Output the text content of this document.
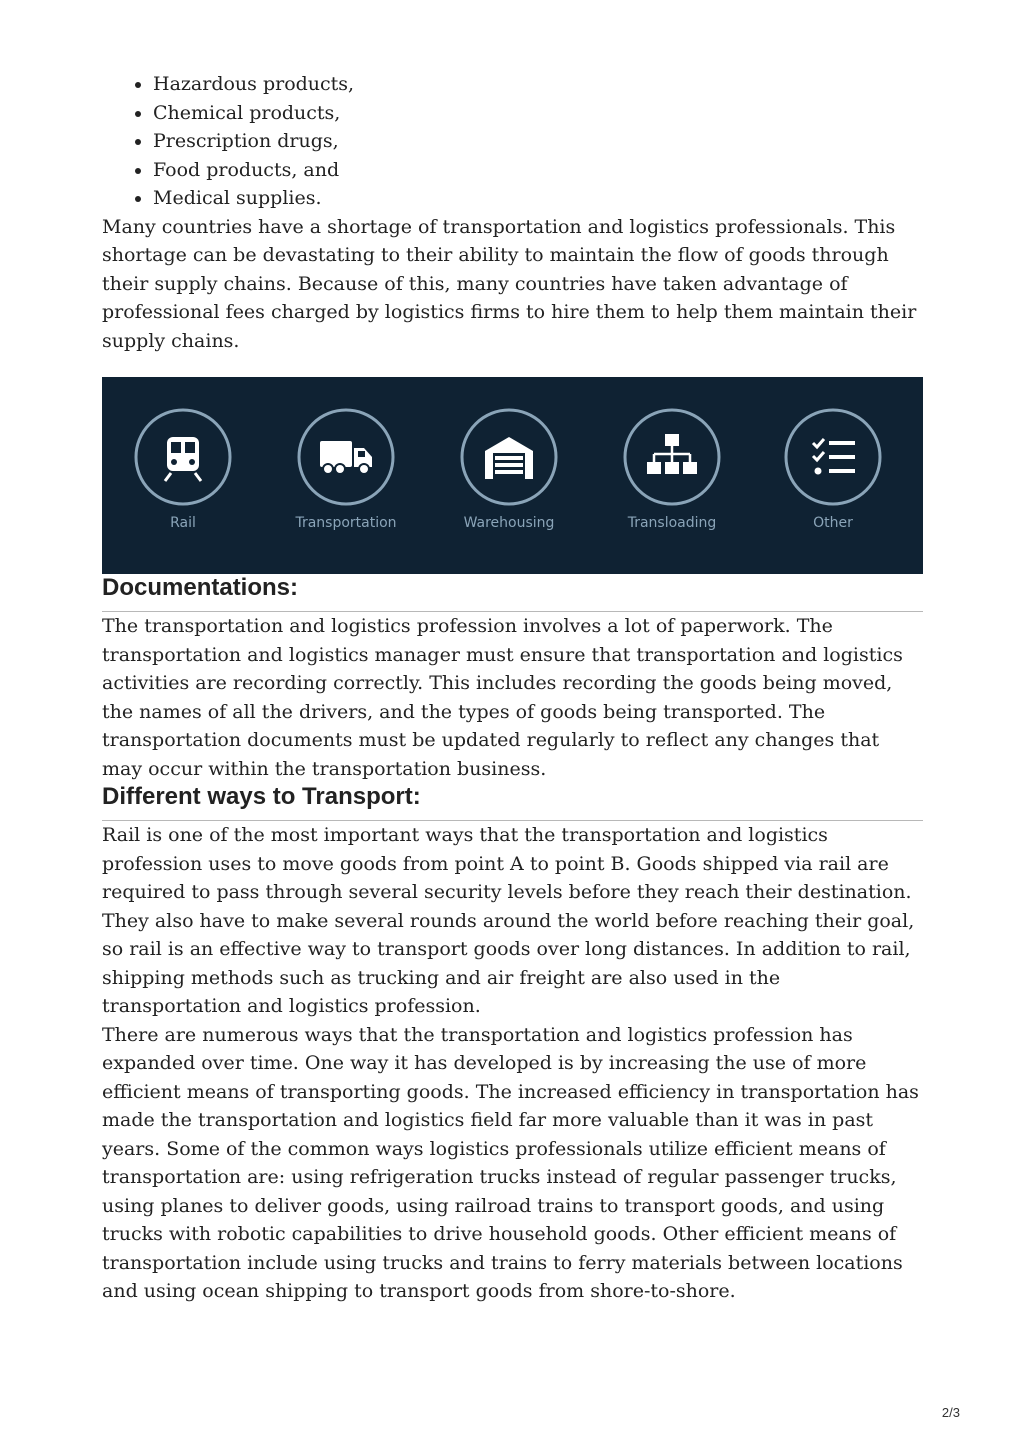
• Hazardous products,
• Chemical products,
• Prescription drugs,
• Food products, and
• Medical supplies.

Many countries have a shortage of transportation and logistics professionals. This shortage can be devastating to their ability to maintain the flow of goods through their supply chains. Because of this, many countries have taken advantage of professional fees charged by logistics firms to hire them to help them maintain their supply chains.

Rail	Transportation	Warehousing	Transloading	Other
Documentations:

The transportation and logistics profession involves a lot of paperwork. The transportation and logistics manager must ensure that transportation and logistics activities are recording correctly. This includes recording the goods being moved, the names of all the drivers, and the types of goods being transported. The transportation documents must be updated regularly to reflect any changes that may occur within the transportation business.

Different ways to Transport:

Rail is one of the most important ways that the transportation and logistics profession uses to move goods from point A to point B. Goods shipped via rail are required to pass through several security levels before they reach their destination. They also have to make several rounds around the world before reaching their goal, so rail is an effective way to transport goods over long distances. In addition to rail, shipping methods such as trucking and air freight are also used in the transportation and logistics profession.

There are numerous ways that the transportation and logistics profession has expanded over time. One way it has developed is by increasing the use of more efficient means of transporting goods. The increased efficiency in transportation has made the transportation and logistics field far more valuable than it was in past years. Some of the common ways logistics professionals utilize efficient means of transportation are: using refrigeration trucks instead of regular passenger trucks, using planes to deliver goods, using railroad trains to transport goods, and using trucks with robotic capabilities to drive household goods. Other efficient means of transportation include using trucks and trains to ferry materials between locations and using ocean shipping to transport goods from shore-to-shore.

2/3
